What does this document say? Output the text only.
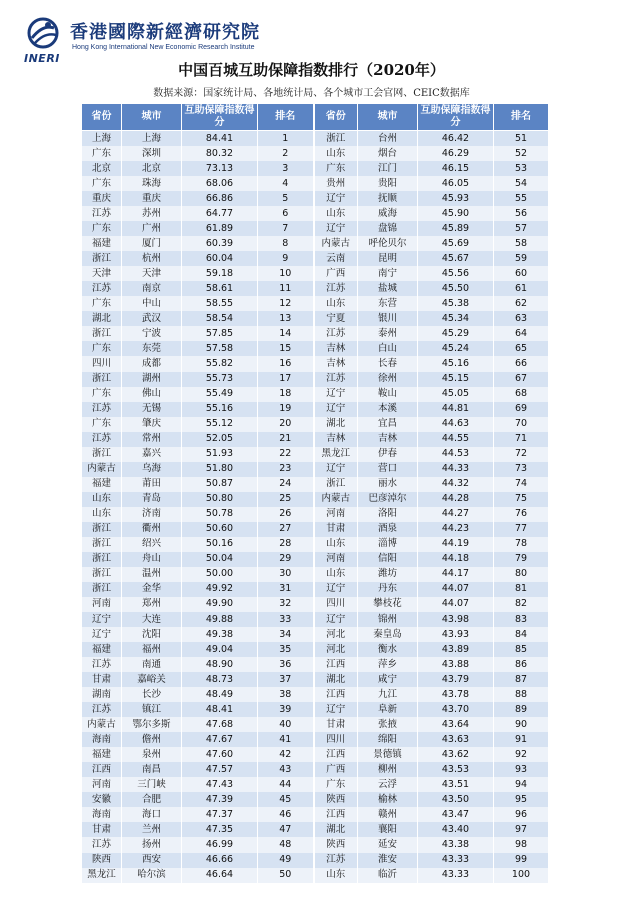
INERI
香港國際新經濟研究院
Hong Kong International New Economic Research Institute
中国百城互助保障指数排行（2020年）
数据来源：国家统计局、各地统计局、各个城市工会官网、CEIC数据库
省份	城市	互助保障指数得分	排名	省份	城市	互助保障指数得分	排名
上海	上海	84.41	1	浙江	台州	46.42	51
广东	深圳	80.32	2	山东	烟台	46.29	52
北京	北京	73.13	3	广东	江门	46.15	53
广东	珠海	68.06	4	贵州	贵阳	46.05	54
重庆	重庆	66.86	5	辽宁	抚顺	45.93	55
江苏	苏州	64.77	6	山东	威海	45.90	56
广东	广州	61.89	7	辽宁	盘锦	45.89	57
福建	厦门	60.39	8	内蒙古	呼伦贝尔	45.69	58
浙江	杭州	60.04	9	云南	昆明	45.67	59
天津	天津	59.18	10	广西	南宁	45.56	60
江苏	南京	58.61	11	江苏	盐城	45.50	61
广东	中山	58.55	12	山东	东营	45.38	62
湖北	武汉	58.54	13	宁夏	银川	45.34	63
浙江	宁波	57.85	14	江苏	泰州	45.29	64
广东	东莞	57.58	15	吉林	白山	45.24	65
四川	成都	55.82	16	吉林	长春	45.16	66
浙江	湖州	55.73	17	江苏	徐州	45.15	67
广东	佛山	55.49	18	辽宁	鞍山	45.05	68
江苏	无锡	55.16	19	辽宁	本溪	44.81	69
广东	肇庆	55.12	20	湖北	宜昌	44.63	70
江苏	常州	52.05	21	吉林	吉林	44.55	71
浙江	嘉兴	51.93	22	黑龙江	伊春	44.53	72
内蒙古	乌海	51.80	23	辽宁	营口	44.33	73
福建	莆田	50.87	24	浙江	丽水	44.32	74
山东	青岛	50.80	25	内蒙古	巴彦淖尔	44.28	75
山东	济南	50.78	26	河南	洛阳	44.27	76
浙江	衢州	50.60	27	甘肃	酒泉	44.23	77
浙江	绍兴	50.16	28	山东	淄博	44.19	78
浙江	舟山	50.04	29	河南	信阳	44.18	79
浙江	温州	50.00	30	山东	潍坊	44.17	80
浙江	金华	49.92	31	辽宁	丹东	44.07	81
河南	郑州	49.90	32	四川	攀枝花	44.07	82
辽宁	大连	49.88	33	辽宁	锦州	43.98	83
辽宁	沈阳	49.38	34	河北	秦皇岛	43.93	84
福建	福州	49.04	35	河北	衡水	43.89	85
江苏	南通	48.90	36	江西	萍乡	43.88	86
甘肃	嘉峪关	48.73	37	湖北	咸宁	43.79	87
湖南	长沙	48.49	38	江西	九江	43.78	88
江苏	镇江	48.41	39	辽宁	阜新	43.70	89
内蒙古	鄂尔多斯	47.68	40	甘肃	张掖	43.64	90
海南	儋州	47.67	41	四川	绵阳	43.63	91
福建	泉州	47.60	42	江西	景德镇	43.62	92
江西	南昌	47.57	43	广西	柳州	43.53	93
河南	三门峡	47.43	44	广东	云浮	43.51	94
安徽	合肥	47.39	45	陕西	榆林	43.50	95
海南	海口	47.37	46	江西	赣州	43.47	96
甘肃	兰州	47.35	47	湖北	襄阳	43.40	97
江苏	扬州	46.99	48	陕西	延安	43.38	98
陕西	西安	46.66	49	江苏	淮安	43.33	99
黑龙江	哈尔滨	46.64	50	山东	临沂	43.33	100
